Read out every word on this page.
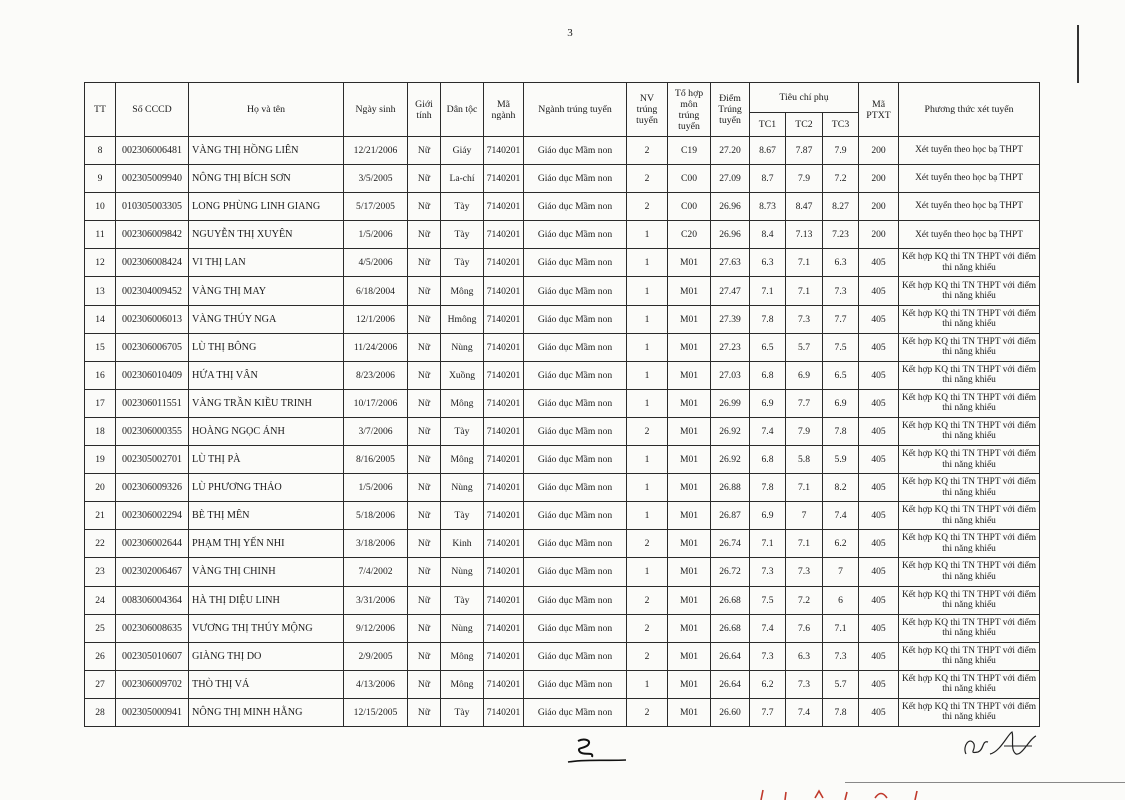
3
TT	Số CCCD	Họ và tên	Ngày sinh	Giới tính	Dân tộc	Mã ngành	Ngành trúng tuyển	NV trúng tuyển	Tổ hợp môn trúng tuyển	Điểm Trúng tuyển	Tiêu chí phụ			Mã PTXT	Phương thức xét tuyển
											TC1	TC2	TC3		
8	002306006481	VÀNG THỊ HỒNG LIÊN	12/21/2006	Nữ	Giáy	7140201	Giáo dục Mầm non	2	C19	27.20	8.67	7.87	7.9	200	Xét tuyển theo học bạ THPT
9	002305009940	NÔNG THỊ BÍCH SƠN	3/5/2005	Nữ	La-chí	7140201	Giáo dục Mầm non	2	C00	27.09	8.7	7.9	7.2	200	Xét tuyển theo học bạ THPT
10	010305003305	LONG PHÙNG LINH GIANG	5/17/2005	Nữ	Tày	7140201	Giáo dục Mầm non	2	C00	26.96	8.73	8.47	8.27	200	Xét tuyển theo học bạ THPT
11	002306009842	NGUYỄN THỊ XUYÊN	1/5/2006	Nữ	Tày	7140201	Giáo dục Mầm non	1	C20	26.96	8.4	7.13	7.23	200	Xét tuyển theo học bạ THPT
12	002306008424	VI THỊ LAN	4/5/2006	Nữ	Tày	7140201	Giáo dục Mầm non	1	M01	27.63	6.3	7.1	6.3	405	Kết hợp KQ thi TN THPT với điểm thi năng khiếu
13	002304009452	VÀNG THỊ MAY	6/18/2004	Nữ	Mông	7140201	Giáo dục Mầm non	1	M01	27.47	7.1	7.1	7.3	405	Kết hợp KQ thi TN THPT với điểm thi năng khiếu
14	002306006013	VÀNG THÚY NGA	12/1/2006	Nữ	Hmông	7140201	Giáo dục Mầm non	1	M01	27.39	7.8	7.3	7.7	405	Kết hợp KQ thi TN THPT với điểm thi năng khiếu
15	002306006705	LÙ THỊ BÔNG	11/24/2006	Nữ	Nùng	7140201	Giáo dục Mầm non	1	M01	27.23	6.5	5.7	7.5	405	Kết hợp KQ thi TN THPT với điểm thi năng khiếu
16	002306010409	HỨA THỊ VÂN	8/23/2006	Nữ	Xuồng	7140201	Giáo dục Mầm non	1	M01	27.03	6.8	6.9	6.5	405	Kết hợp KQ thi TN THPT với điểm thi năng khiếu
17	002306011551	VÀNG TRẦN KIỀU TRINH	10/17/2006	Nữ	Mông	7140201	Giáo dục Mầm non	1	M01	26.99	6.9	7.7	6.9	405	Kết hợp KQ thi TN THPT với điểm thi năng khiếu
18	002306000355	HOÀNG NGỌC ÁNH	3/7/2006	Nữ	Tày	7140201	Giáo dục Mầm non	2	M01	26.92	7.4	7.9	7.8	405	Kết hợp KQ thi TN THPT với điểm thi năng khiếu
19	002305002701	LÙ THỊ PÀ	8/16/2005	Nữ	Mông	7140201	Giáo dục Mầm non	1	M01	26.92	6.8	5.8	5.9	405	Kết hợp KQ thi TN THPT với điểm thi năng khiếu
20	002306009326	LÙ PHƯƠNG THẢO	1/5/2006	Nữ	Nùng	7140201	Giáo dục Mầm non	1	M01	26.88	7.8	7.1	8.2	405	Kết hợp KQ thi TN THPT với điểm thi năng khiếu
21	002306002294	BÈ THỊ MÊN	5/18/2006	Nữ	Tày	7140201	Giáo dục Mầm non	1	M01	26.87	6.9	7	7.4	405	Kết hợp KQ thi TN THPT với điểm thi năng khiếu
22	002306002644	PHẠM THỊ YẾN NHI	3/18/2006	Nữ	Kinh	7140201	Giáo dục Mầm non	2	M01	26.74	7.1	7.1	6.2	405	Kết hợp KQ thi TN THPT với điểm thi năng khiếu
23	002302006467	VÀNG THỊ CHINH	7/4/2002	Nữ	Nùng	7140201	Giáo dục Mầm non	1	M01	26.72	7.3	7.3	7	405	Kết hợp KQ thi TN THPT với điểm thi năng khiếu
24	008306004364	HÀ THỊ DIỆU LINH	3/31/2006	Nữ	Tày	7140201	Giáo dục Mầm non	2	M01	26.68	7.5	7.2	6	405	Kết hợp KQ thi TN THPT với điểm thi năng khiếu
25	002306008635	VƯƠNG THỊ THÚY MỘNG	9/12/2006	Nữ	Nùng	7140201	Giáo dục Mầm non	2	M01	26.68	7.4	7.6	7.1	405	Kết hợp KQ thi TN THPT với điểm thi năng khiếu
26	002305010607	GIÀNG THỊ DO	2/9/2005	Nữ	Mông	7140201	Giáo dục Mầm non	2	M01	26.64	7.3	6.3	7.3	405	Kết hợp KQ thi TN THPT với điểm thi năng khiếu
27	002306009702	THÒ THỊ VÁ	4/13/2006	Nữ	Mông	7140201	Giáo dục Mầm non	1	M01	26.64	6.2	7.3	5.7	405	Kết hợp KQ thi TN THPT với điểm thi năng khiếu
28	002305000941	NÔNG THỊ MINH HẰNG	12/15/2005	Nữ	Tày	7140201	Giáo dục Mầm non	2	M01	26.60	7.7	7.4	7.8	405	Kết hợp KQ thi TN THPT với điểm thi năng khiếu
